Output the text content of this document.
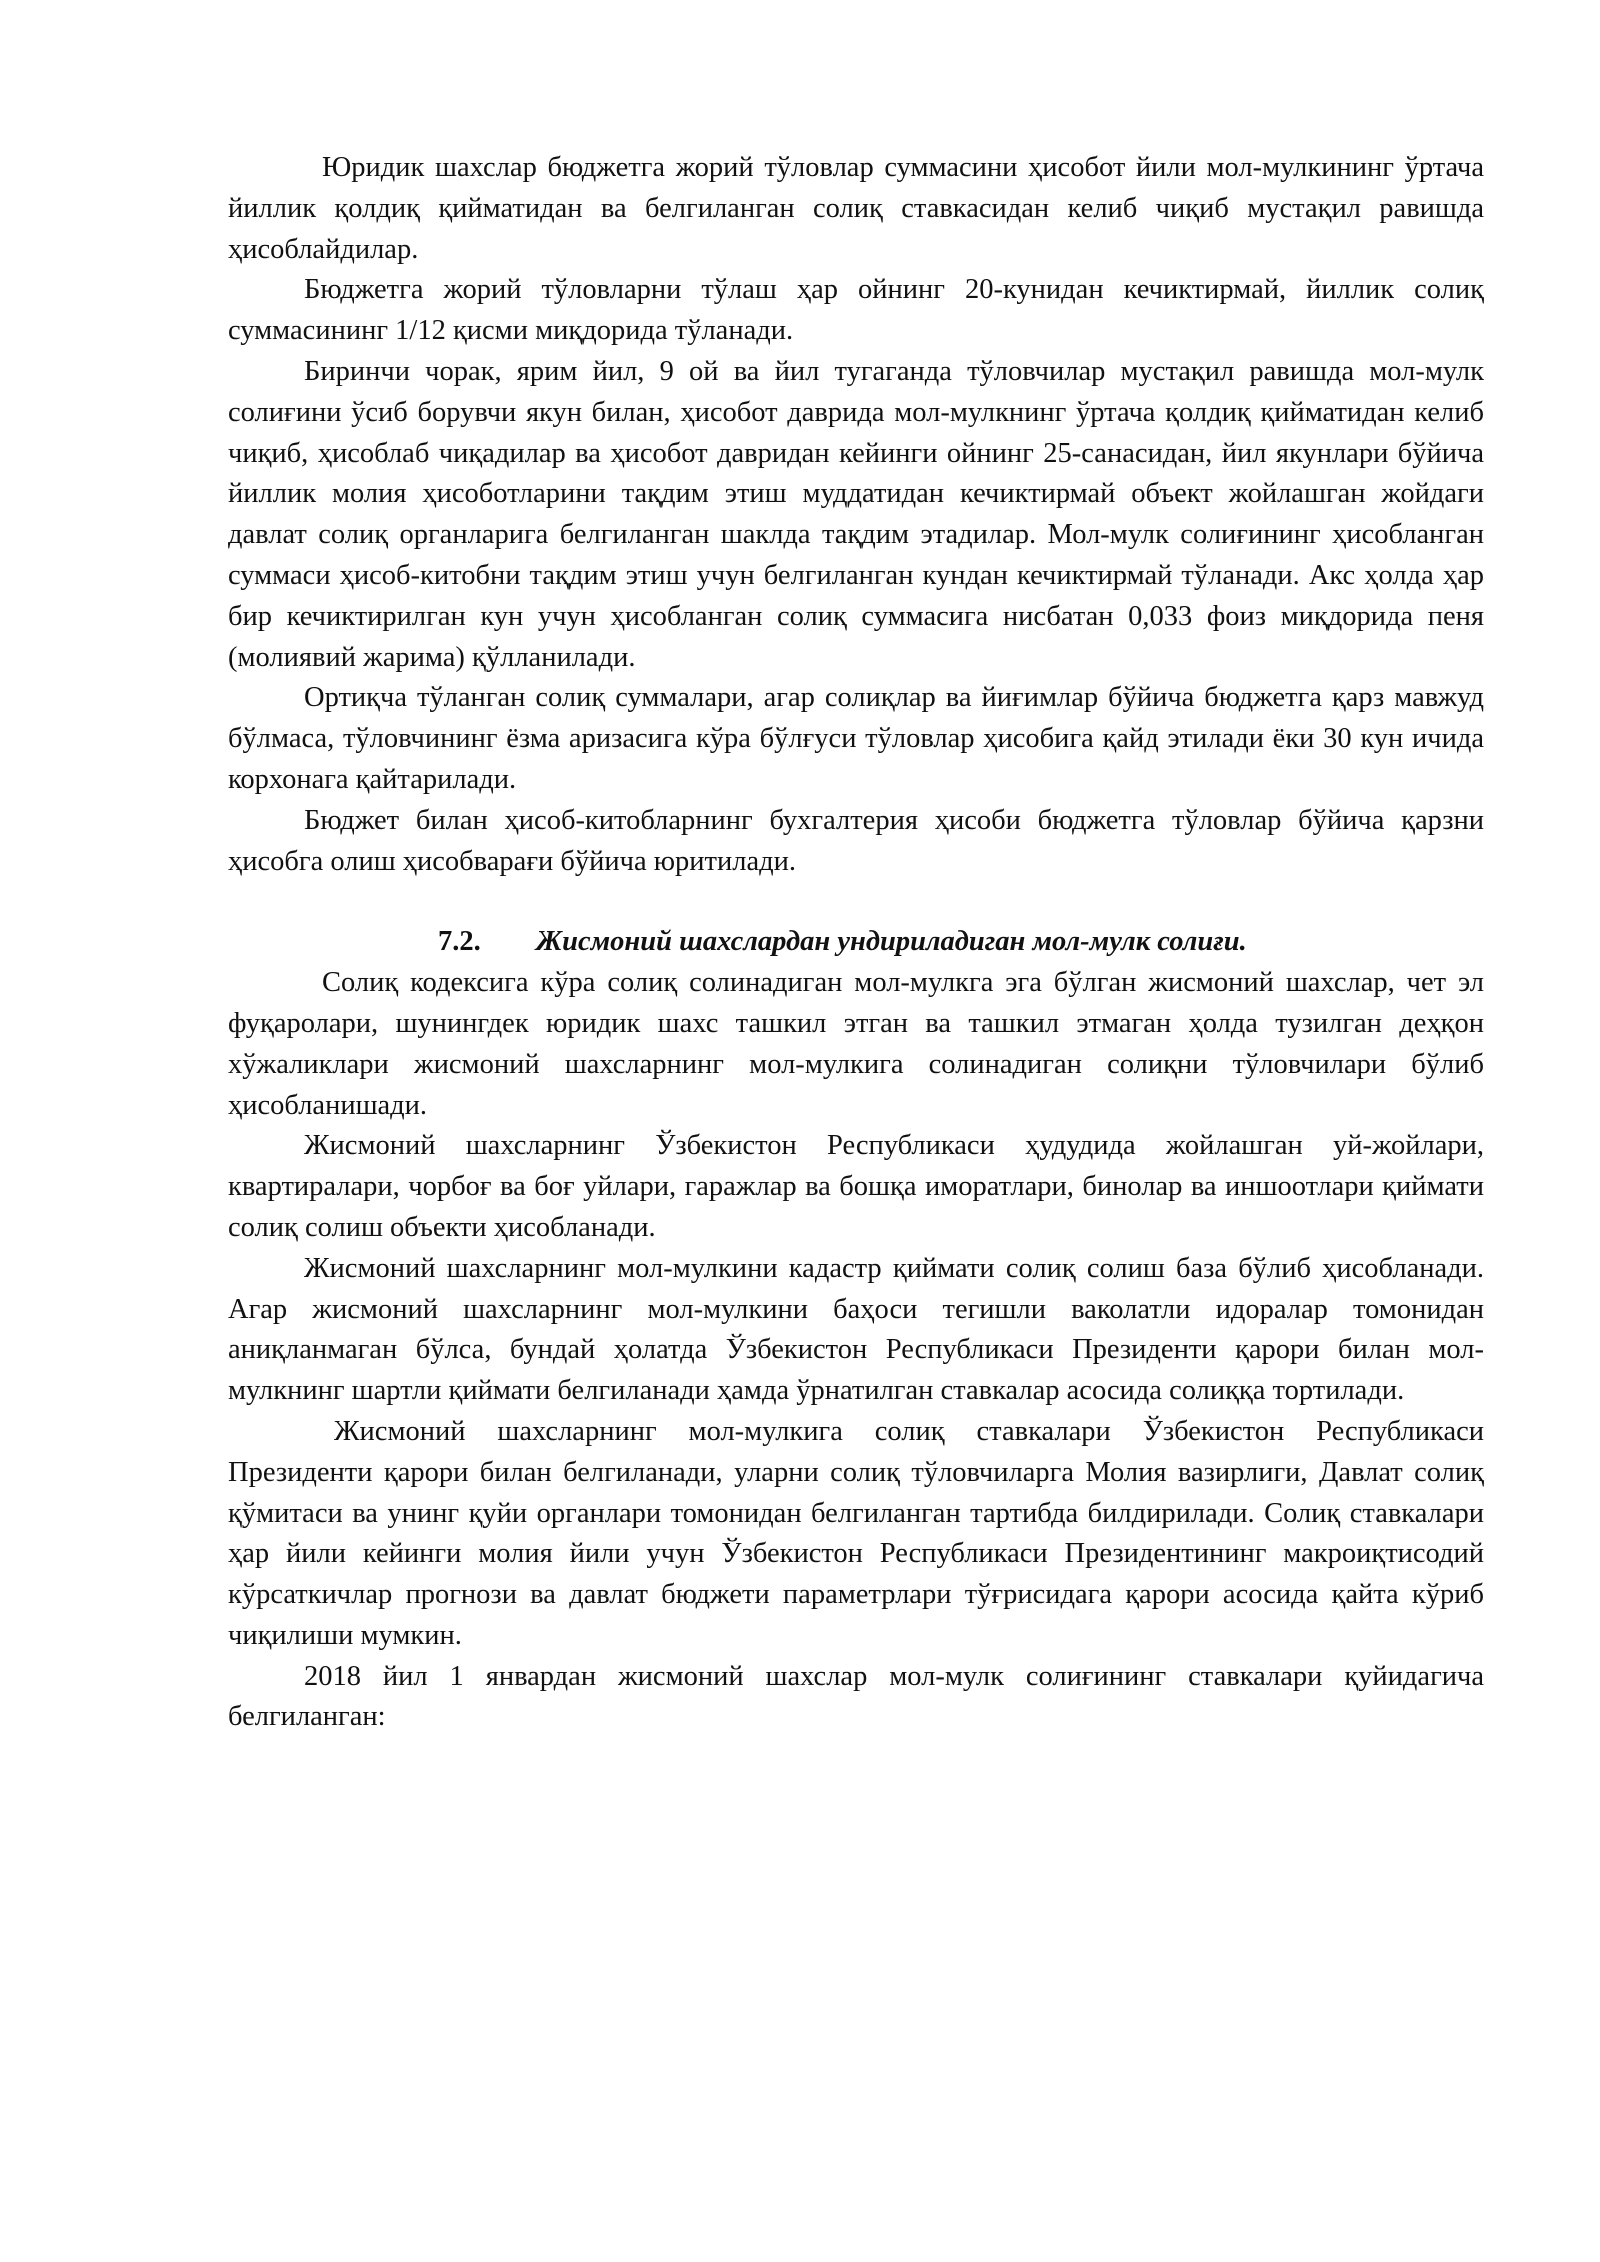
Юридик шахслар бюджетга жорий тўловлар суммасини ҳисобот йили мол-мулкининг ўртача йиллик қолдиқ қийматидан ва белгиланган солиқ ставкасидан келиб чиқиб мустақил равишда ҳисоблайдилар.

Бюджетга жорий тўловларни тўлаш ҳар ойнинг 20-кунидан кечиктирмай, йиллик солиқ суммасининг 1/12 қисми миқдорида тўланади.

Биринчи чорак, ярим йил, 9 ой ва йил тугаганда тўловчилар мустақил равишда мол-мулк солиғини ўсиб борувчи якун билан, ҳисобот даврида мол-мулкнинг ўртача қолдиқ қийматидан келиб чиқиб, ҳисоблаб чиқадилар ва ҳисобот давридан кейинги ойнинг 25-санасидан, йил якунлари бўйича йиллик молия ҳисоботларини тақдим этиш муддатидан кечиктирмай объект жойлашган жойдаги давлат солиқ органларига белгиланган шаклда тақдим этадилар. Мол-мулк солиғининг ҳисобланган суммаси ҳисоб-китобни тақдим этиш учун белгиланган кундан кечиктирмай тўланади. Акс ҳолда ҳар бир кечиктирилган кун учун ҳисобланган солиқ суммасига нисбатан 0,033 фоиз миқдорида пеня (молиявий жарима) қўлланилади.

Ортиқча тўланган солиқ суммалари, агар солиқлар ва йиғимлар бўйича бюджетга қарз мавжуд бўлмаса, тўловчининг ёзма аризасига кўра бўлғуси тўловлар ҳисобига қайд этилади ёки 30 кун ичида корхонага қайтарилади.

Бюджет билан ҳисоб-китобларнинг бухгалтерия ҳисоби бюджетга тўловлар бўйича қарзни ҳисобга олиш ҳисобварағи бўйича юритилади.

7.2. Жисмоний шахслардан ундириладиган мол-мулк солиғи.

Солиқ кодексига кўра солиқ солинадиган мол-мулкга эга бўлган жисмоний шахслар, чет эл фуқаролари, шунингдек юридик шахс ташкил этган ва ташкил этмаган ҳолда тузилган деҳқон хўжаликлари жисмоний шахсларнинг мол-мулкига солинадиган солиқни тўловчилари бўлиб ҳисобланишади.

Жисмоний шахсларнинг Ўзбекистон Республикаси ҳудудида жойлашган уй-жойлари, квартиралари, чорбоғ ва боғ уйлари, гаражлар ва бошқа иморатлари, бинолар ва иншоотлари қиймати солиқ солиш объекти ҳисобланади.

Жисмоний шахсларнинг мол-мулкини кадастр қиймати солиқ солиш база бўлиб ҳисобланади. Агар жисмоний шахсларнинг мол-мулкини баҳоси тегишли ваколатли идоралар томонидан аниқланмаган бўлса, бундай ҳолатда Ўзбекистон Республикаси Президенти қарори билан мол-мулкнинг шартли қиймати белгиланади ҳамда ўрнатилган ставкалар асосида солиққа тортилади.

Жисмоний шахсларнинг мол-мулкига солиқ ставкалари Ўзбекистон Республикаси Президенти қарори билан белгиланади, уларни солиқ тўловчиларга Молия вазирлиги, Давлат солиқ қўмитаси ва унинг қуйи органлари томонидан белгиланган тартибда билдирилади. Солиқ ставкалари ҳар йили кейинги молия йили учун Ўзбекистон Республикаси Президентининг макроиқтисодий кўрсаткичлар прогнози ва давлат бюджети параметрлари тўғрисидага қарори асосида қайта кўриб чиқилиши мумкин.

2018 йил 1 январдан жисмоний шахслар мол-мулк солиғининг ставкалари қуйидагича белгиланган:
